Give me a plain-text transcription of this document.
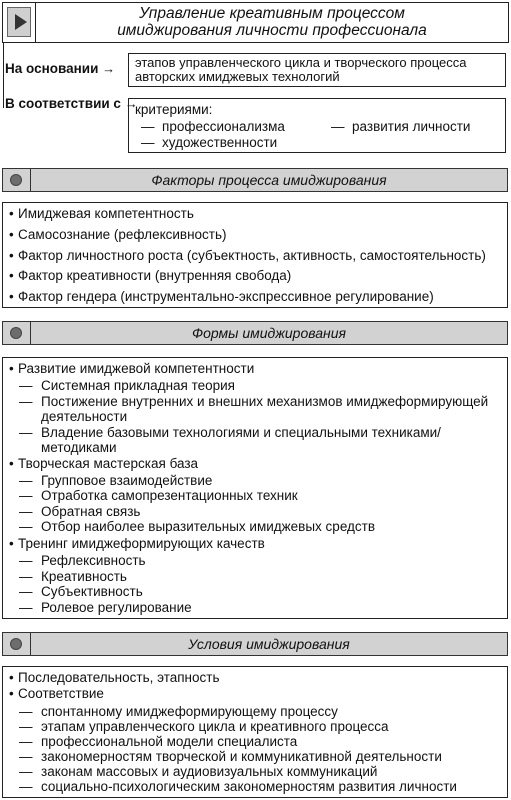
Управление креативным процессом
имиджирования личности профессионала
На основании → этапов управленческого цикла и творческого процесса
авторских имиджевых технологий
В соответствии с →
критериями:
— профессионализма	— развития личности
— художественности
Факторы процесса имиджирования
• Имиджевая компетентность
• Самосознание (рефлексивность)
• Фактор личностного роста (субъектность, активность, самостоятельность)
• Фактор креативности (внутренняя свобода)
• Фактор гендера (инструментально-экспрессивное регулирование)
Формы имиджирования
• Развитие имиджевой компетентности
— Системная прикладная теория
— Постижение внутренних и внешних механизмов имиджеформирующей
деятельности
— Владение базовыми технологиями и специальными техниками/
методиками
• Творческая мастерская база
— Групповое взаимодействие
— Отработка самопрезентационных техник
— Обратная связь
— Отбор наиболее выразительных имиджевых средств
• Тренинг имиджеформирующих качеств
— Рефлексивность
— Креативность
— Субъективность
— Ролевое регулирование
Условия имиджирования
• Последовательность, этапность
• Соответствие
— спонтанному имиджеформирующему процессу
— этапам управленческого цикла и креативного процесса
— профессиональной модели специалиста
— закономерностям творческой и коммуникативной деятельности
— законам массовых и аудиовизуальных коммуникаций
— социально-психологическим закономерностям развития личности
